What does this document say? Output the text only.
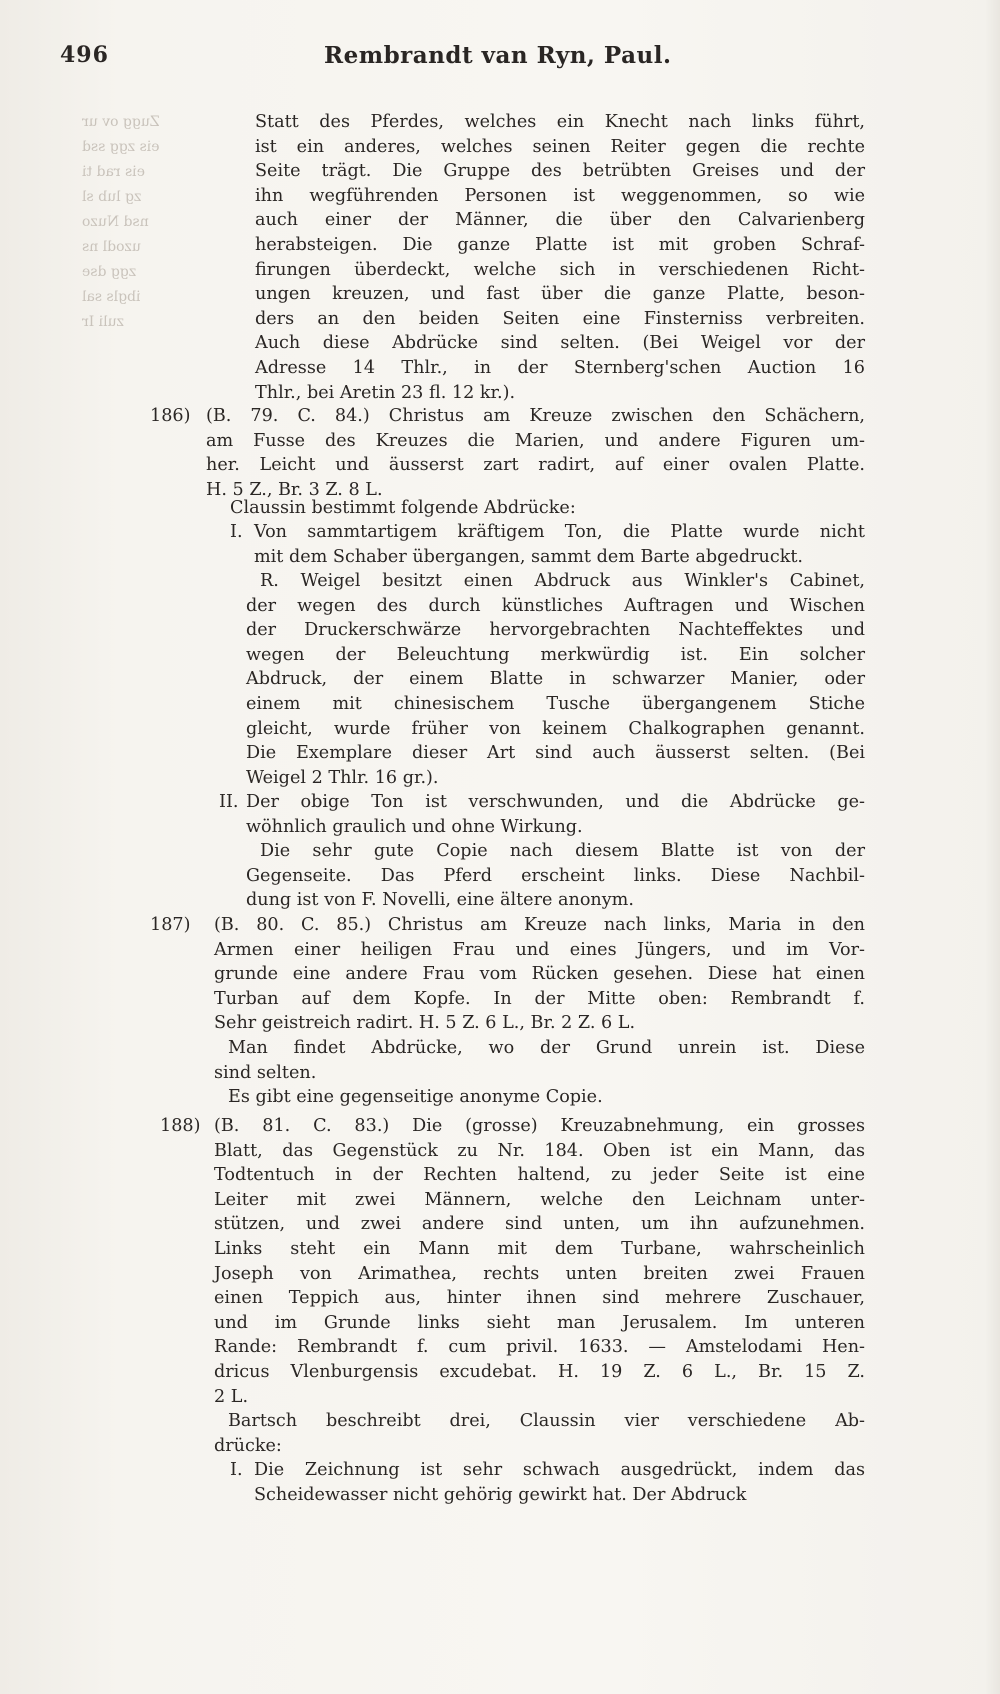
496	Rembrandt van Ryn, Paul.
Zugg ov ur
eis zgg ssd
eis rad ti
zg lub sl
nsd Nuzo
uzodl ns
zgg dse
ibgls sal
zuli Ir
Statt des Pferdes, welches ein Knecht nach links führt,
ist ein anderes, welches seinen Reiter gegen die rechte
Seite trägt. Die Gruppe des betrübten Greises und der
ihn wegführenden Personen ist weggenommen, so wie
auch einer der Männer, die über den Calvarienberg
herabsteigen. Die ganze Platte ist mit groben Schraf-
firungen überdeckt, welche sich in verschiedenen Richt-
ungen kreuzen, und fast über die ganze Platte, beson-
ders an den beiden Seiten eine Finsterniss verbreiten.
Auch diese Abdrücke sind selten. (Bei Weigel vor der
Adresse 14 Thlr., in der Sternberg'schen Auction 16
Thlr., bei Aretin 23 fl. 12 kr.).
186) (B. 79. C. 84.) Christus am Kreuze zwischen den Schächern,
am Fusse des Kreuzes die Marien, und andere Figuren um-
her. Leicht und äusserst zart radirt, auf einer ovalen Platte.
H. 5 Z., Br. 3 Z. 8 L.
Claussin bestimmt folgende Abdrücke:
I. Von sammtartigem kräftigem Ton, die Platte wurde nicht
mit dem Schaber übergangen, sammt dem Barte abgedruckt.
R. Weigel besitzt einen Abdruck aus Winkler's Cabinet,
der wegen des durch künstliches Auftragen und Wischen
der Druckerschwärze hervorgebrachten Nachteffektes und
wegen der Beleuchtung merkwürdig ist. Ein solcher
Abdruck, der einem Blatte in schwarzer Manier, oder
einem mit chinesischem Tusche übergangenem Stiche
gleicht, wurde früher von keinem Chalkographen genannt.
Die Exemplare dieser Art sind auch äusserst selten. (Bei
Weigel 2 Thlr. 16 gr.).
II. Der obige Ton ist verschwunden, und die Abdrücke ge-
wöhnlich graulich und ohne Wirkung.
Die sehr gute Copie nach diesem Blatte ist von der
Gegenseite. Das Pferd erscheint links. Diese Nachbil-
dung ist von F. Novelli, eine ältere anonym.
187) (B. 80. C. 85.) Christus am Kreuze nach links, Maria in den
Armen einer heiligen Frau und eines Jüngers, und im Vor-
grunde eine andere Frau vom Rücken gesehen. Diese hat einen
Turban auf dem Kopfe. In der Mitte oben: Rembrandt f.
Sehr geistreich radirt. H. 5 Z. 6 L., Br. 2 Z. 6 L.
Man findet Abdrücke, wo der Grund unrein ist. Diese
sind selten.
Es gibt eine gegenseitige anonyme Copie.
188) (B. 81. C. 83.) Die (grosse) Kreuzabnehmung, ein grosses
Blatt, das Gegenstück zu Nr. 184. Oben ist ein Mann, das
Todtentuch in der Rechten haltend, zu jeder Seite ist eine
Leiter mit zwei Männern, welche den Leichnam unter-
stützen, und zwei andere sind unten, um ihn aufzunehmen.
Links steht ein Mann mit dem Turbane, wahrscheinlich
Joseph von Arimathea, rechts unten breiten zwei Frauen
einen Teppich aus, hinter ihnen sind mehrere Zuschauer,
und im Grunde links sieht man Jerusalem. Im unteren
Rande: Rembrandt f. cum privil. 1633. — Amstelodami Hen-
dricus Vlenburgensis excudebat. H. 19 Z. 6 L., Br. 15 Z.
2 L.
Bartsch beschreibt drei, Claussin vier verschiedene Ab-
drücke:
I. Die Zeichnung ist sehr schwach ausgedrückt, indem das
Scheidewasser nicht gehörig gewirkt hat. Der Abdruck
